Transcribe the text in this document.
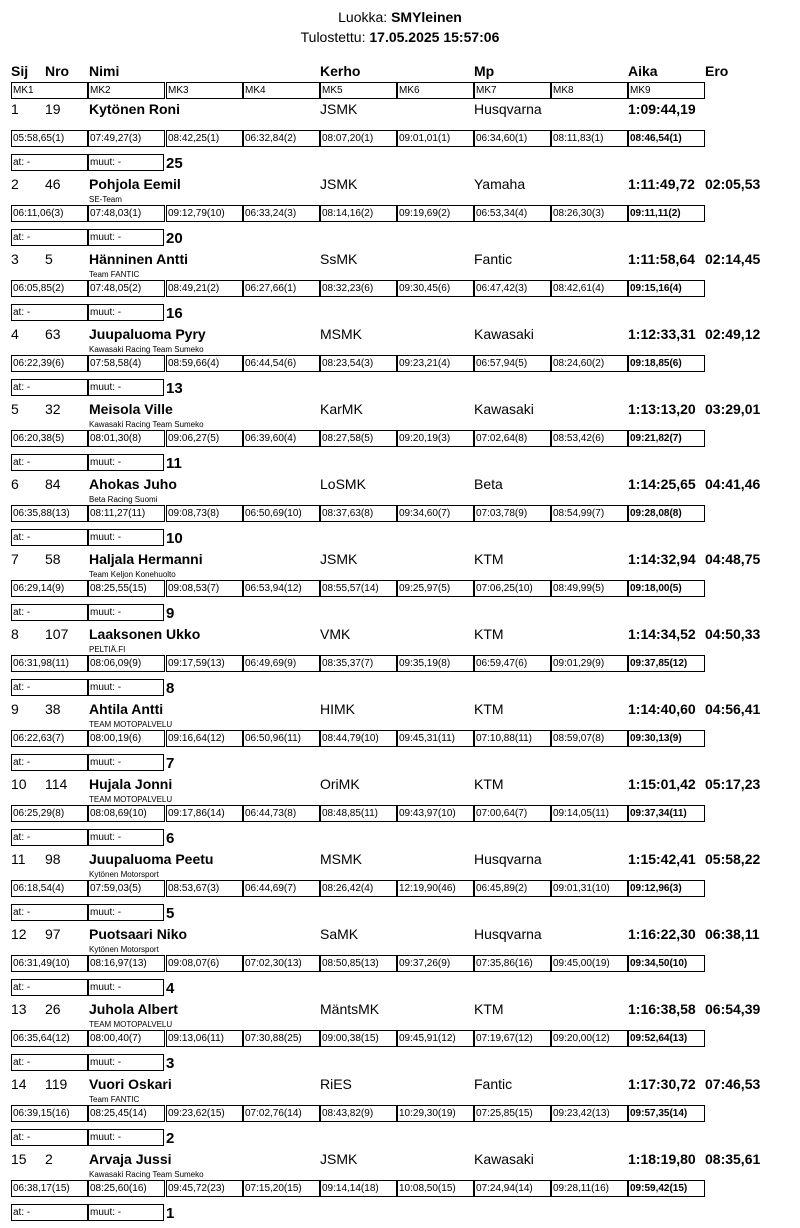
Luokka: SMYleinen
Tulostettu: 17.05.2025 15:57:06
Sij Nro Nimi	Kerho	Mp	Aika	Ero
MK1	MK2	MK3	MK4	MK5	MK6	MK7	MK8	MK9
1 19 Kytönen Roni	JSMK	Husqvarna	1:09:44,19
05:58,65(1)	07:49,27(3)	08:42,25(1)	06:32,84(2)	08:07,20(1)	09:01,01(1)	06:34,60(1)	08:11,83(1)	08:46,54(1)
at: -	muut: -	25
2 46 Pohjola Eemil	JSMK	Yamaha	1:11:49,72 02:05,53
SE-Team
06:11,06(3)	07:48,03(1)	09:12,79(10)	06:33,24(3)	08:14,16(2)	09:19,69(2)	06:53,34(4)	08:26,30(3)	09:11,11(2)
at: -	muut: -	20
3 5	Hänninen Antti	SsMK	Fantic	1:11:58,64 02:14,45
Team FANTIC
06:05,85(2)	07:48,05(2)	08:49,21(2)	06:27,66(1)	08:32,23(6)	09:30,45(6)	06:47,42(3)	08:42,61(4)	09:15,16(4)
at: -	muut: -	16
4 63 Juupaluoma Pyry	MSMK	Kawasaki	1:12:33,31 02:49,12
Kawasaki Racing Team Sumeko
06:22,39(6)	07:58,58(4)	08:59,66(4)	06:44,54(6)	08:23,54(3)	09:23,21(4)	06:57,94(5)	08:24,60(2)	09:18,85(6)
at: -	muut: -	13
5 32 Meisola Ville	KarMK	Kawasaki	1:13:13,20 03:29,01
Kawasaki Racing Team Sumeko
06:20,38(5)	08:01,30(8)	09:06,27(5)	06:39,60(4)	08:27,58(5)	09:20,19(3)	07:02,64(8)	08:53,42(6)	09:21,82(7)
at: -	muut: -	11
6 84 Ahokas Juho	LoSMK	Beta	1:14:25,65 04:41,46
Beta Racing Suomi
06:35,88(13)	08:11,27(11)	09:08,73(8)	06:50,69(10)	08:37,63(8)	09:34,60(7)	07:03,78(9)	08:54,99(7)	09:28,08(8)
at: -	muut: -	10
7 58 Haljala Hermanni	JSMK	KTM	1:14:32,94 04:48,75
Team Keljon Konehuolto
06:29,14(9)	08:25,55(15)	09:08,53(7)	06:53,94(12)	08:55,57(14)	09:25,97(5)	07:06,25(10)	08:49,99(5)	09:18,00(5)
at: -	muut: -	9
8 107 Laaksonen Ukko	VMK	KTM	1:14:34,52 04:50,33
PELTIÄ.FI
06:31,98(11)	08:06,09(9)	09:17,59(13)	06:49,69(9)	08:35,37(7)	09:35,19(8)	06:59,47(6)	09:01,29(9)	09:37,85(12)
at: -	muut: -	8
9 38 Ahtila Antti	HIMK	KTM	1:14:40,60 04:56,41
TEAM MOTOPALVELU
06:22,63(7)	08:00,19(6)	09:16,64(12)	06:50,96(11)	08:44,79(10)	09:45,31(11)	07:10,88(11)	08:59,07(8)	09:30,13(9)
at: -	muut: -	7
10 114 Hujala Jonni	OriMK	KTM	1:15:01,42 05:17,23
TEAM MOTOPALVELU
06:25,29(8)	08:08,69(10)	09:17,86(14)	06:44,73(8)	08:48,85(11)	09:43,97(10)	07:00,64(7)	09:14,05(11)	09:37,34(11)
at: -	muut: -	6
11 98 Juupaluoma Peetu	MSMK	Husqvarna	1:15:42,41 05:58,22
Kytönen Motorsport
06:18,54(4)	07:59,03(5)	08:53,67(3)	06:44,69(7)	08:26,42(4)	12:19,90(46)	06:45,89(2)	09:01,31(10)	09:12,96(3)
at: -	muut: -	5
12 97 Puotsaari Niko	SaMK	Husqvarna	1:16:22,30 06:38,11
Kytönen Motorsport
06:31,49(10)	08:16,97(13)	09:08,07(6)	07:02,30(13)	08:50,85(13)	09:37,26(9)	07:35,86(16)	09:45,00(19)	09:34,50(10)
at: -	muut: -	4
13 26 Juhola Albert	MäntsMK	KTM	1:16:38,58 06:54,39
TEAM MOTOPALVELU
06:35,64(12)	08:00,40(7)	09:13,06(11)	07:30,88(25)	09:00,38(15)	09:45,91(12)	07:19,67(12)	09:20,00(12)	09:52,64(13)
at: -	muut: -	3
14 119 Vuori Oskari	RiES	Fantic	1:17:30,72 07:46,53
Team FANTIC
06:39,15(16)	08:25,45(14)	09:23,62(15)	07:02,76(14)	08:43,82(9)	10:29,30(19)	07:25,85(15)	09:23,42(13)	09:57,35(14)
at: -	muut: -	2
15 2	Arvaja Jussi	JSMK	Kawasaki	1:18:19,80 08:35,61
Kawasaki Racing Team Sumeko
06:38,17(15)	08:25,60(16)	09:45,72(23)	07:15,20(15)	09:14,14(18)	10:08,50(15)	07:24,94(14)	09:28,11(16)	09:59,42(15)
at: -	muut: -	1
